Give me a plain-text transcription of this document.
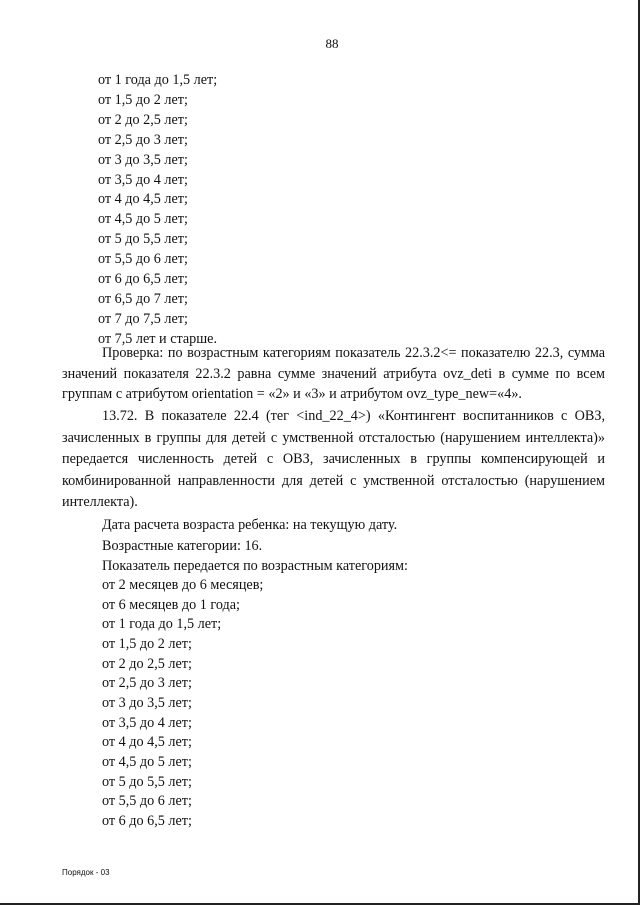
88
от 1 года до 1,5 лет;
от 1,5 до 2 лет;
от 2 до 2,5 лет;
от 2,5 до 3 лет;
от 3 до 3,5 лет;
от 3,5 до 4 лет;
от 4 до 4,5 лет;
от 4,5 до 5 лет;
от 5 до 5,5 лет;
от 5,5 до 6 лет;
от 6 до 6,5 лет;
от 6,5 до 7 лет;
от 7 до 7,5 лет;
от 7,5 лет и старше.
Проверка: по возрастным категориям показатель 22.3.2<= показателю 22.3, сумма значений показателя 22.3.2 равна сумме значений атрибута ovz_deti в сумме по всем группам с атрибутом orientation = «2» и «3» и атрибутом ovz_type_new=«4».
13.72. В показателе 22.4 (тег <ind_22_4>) «Контингент воспитанников с ОВЗ, зачисленных в группы для детей с умственной отсталостью (нарушением интеллекта)» передается численность детей с ОВЗ, зачисленных в группы компенсирующей и комбинированной направленности для детей с умственной отсталостью (нарушением интеллекта).
Дата расчета возраста ребенка: на текущую дату.
Возрастные категории: 16.
Показатель передается по возрастным категориям:
от 2 месяцев до 6 месяцев;
от 6 месяцев до 1 года;
от 1 года до 1,5 лет;
от 1,5 до 2 лет;
от 2 до 2,5 лет;
от 2,5 до 3 лет;
от 3 до 3,5 лет;
от 3,5 до 4 лет;
от 4 до 4,5 лет;
от 4,5 до 5 лет;
от 5 до 5,5 лет;
от 5,5 до 6 лет;
от 6 до 6,5 лет;
Порядок - 03
